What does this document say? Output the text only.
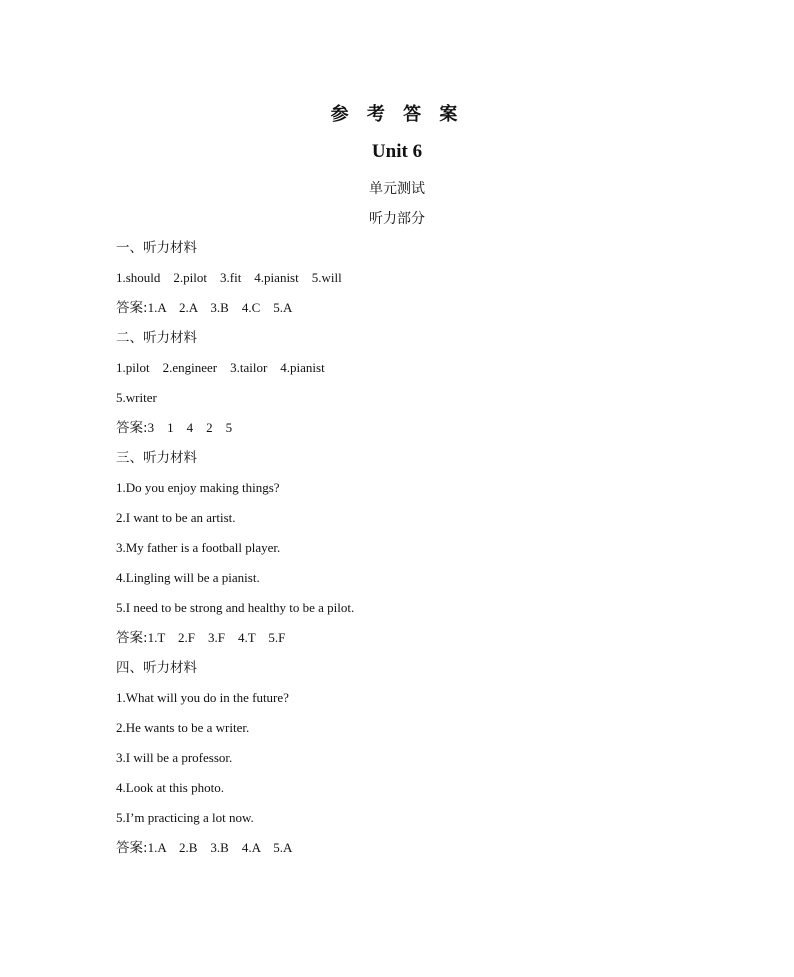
参 考 答 案
Unit 6
单元测试
听力部分
一、听力材料
1.should    2.pilot    3.fit    4.pianist    5.will
答案:1.A    2.A    3.B    4.C    5.A
二、听力材料
1.pilot    2.engineer    3.tailor    4.pianist
5.writer
答案:3    1    4    2    5
三、听力材料
1.Do you enjoy making things?
2.I want to be an artist.
3.My father is a football player.
4.Lingling will be a pianist.
5.I need to be strong and healthy to be a pilot.
答案:1.T    2.F    3.F    4.T    5.F
四、听力材料
1.What will you do in the future?
2.He wants to be a writer.
3.I will be a professor.
4.Look at this photo.
5.I’m practicing a lot now.
答案:1.A    2.B    3.B    4.A    5.A
